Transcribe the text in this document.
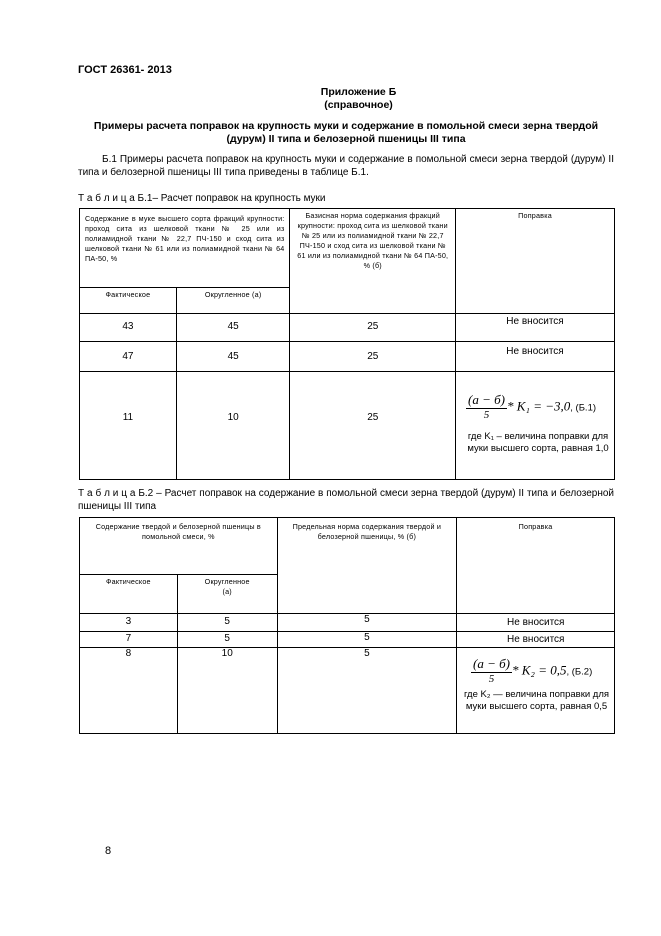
ГОСТ 26361- 2013
Приложение Б
(справочное)
Примеры расчета поправок на крупность муки и содержание в помольной смеси зерна твердой (дурум) II типа и белозерной пшеницы III типа
Б.1 Примеры расчета поправок на крупность муки и содержание в помольной смеси зерна твердой (дурум) II типа и белозерной пшеницы III типа приведены в таблице Б.1.
Т а б л и ц а Б.1– Расчет поправок на крупность муки
Содержание в муке высшего сорта фракций крупности: проход сита из шелковой ткани № 25 или из полиамидной ткани № 22,7 ПЧ-150 и сход сита из шелковой ткани № 61 или из полиамидной ткани № 64 ПА-50, %		Базисная норма содержания фракций крупности: проход сита из шелковой ткани № 25 или из полиамидной ткани № 22,7 ПЧ-150 и сход сита из шелковой ткани № 61 или из полиамидной ткани № 64 ПА-50, % (б)	Поправка
Фактическое	Округленное (а)		
43	45	25	Не вносится
47	45	25	Не вносится
11	10	25	$\frac{(а - б)}{5} * K_1 = -3,0$, (Б.1)
где K₁ – величина поправки для муки высшего сорта, равная 1,0
Т а б л и ц а Б.2 – Расчет поправок на содержание в помольной смеси зерна твердой (дурум) II типа и белозерной пшеницы III типа
Содержание твердой и белозерной пшеницы в помольной смеси, %		Предельная норма содержания твердой и белозерной пшеницы, % (б)	Поправка
Фактическое	Округленное (а)		
3	5	5	Не вносится
7	5	5	Не вносится
8	10	5	$\frac{(а - б)}{5} * K_2 = 0,5$, (Б.2)
где K₂ — величина поправки для муки высшего сорта, равная 0,5
8
